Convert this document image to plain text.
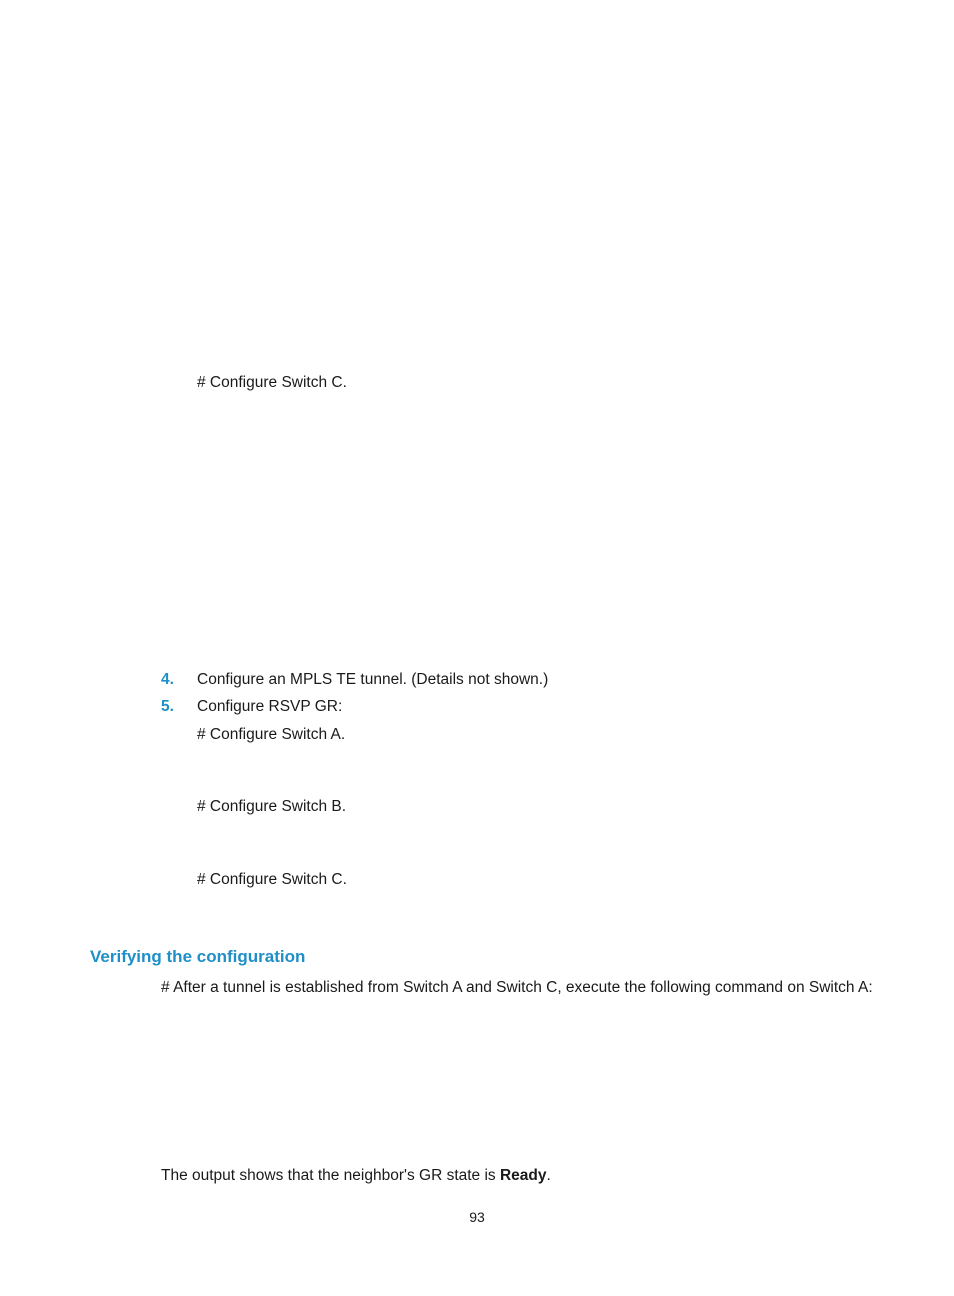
# Configure Switch C.
4. Configure an MPLS TE tunnel. (Details not shown.)
5. Configure RSVP GR:
# Configure Switch A.
# Configure Switch B.
# Configure Switch C.
Verifying the configuration
# After a tunnel is established from Switch A and Switch C, execute the following command on Switch A:
The output shows that the neighbor's GR state is Ready.
93
